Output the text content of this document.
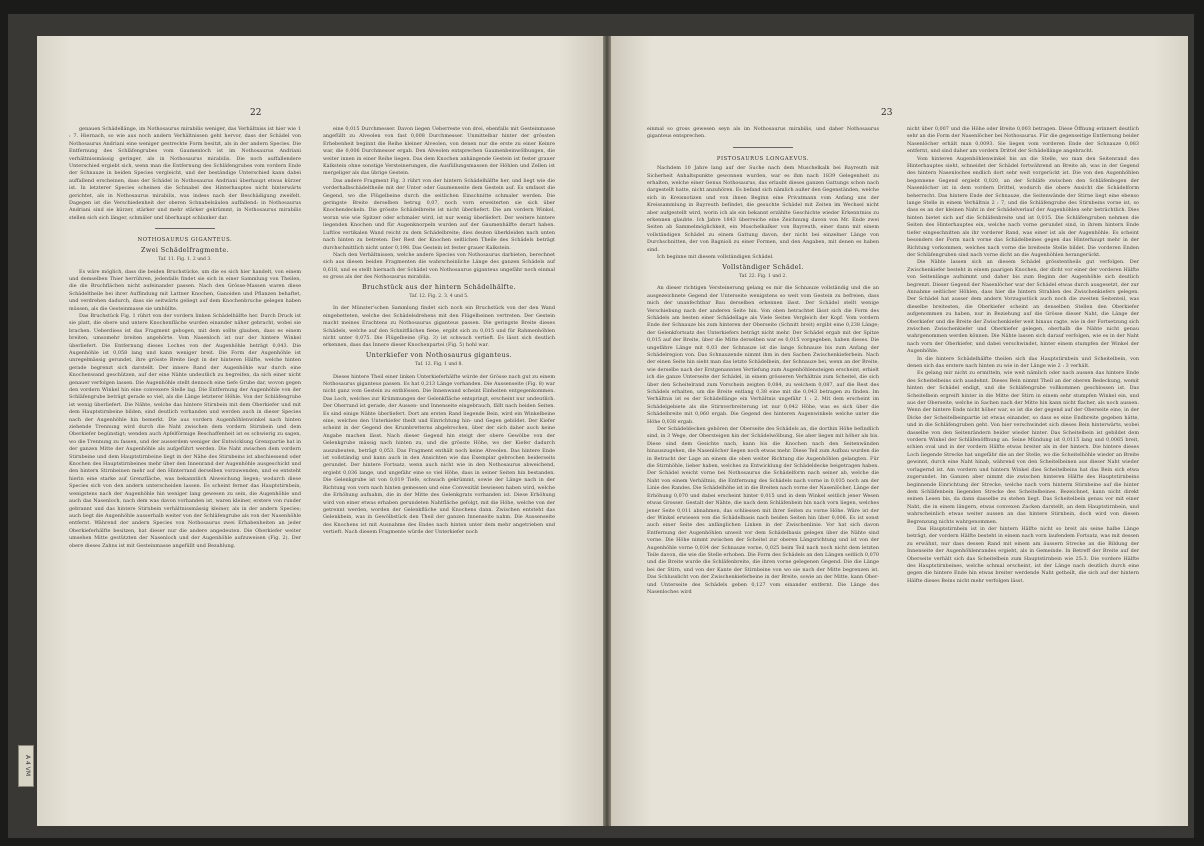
22

genauen Schädellänge, im Nothosaurus mirabilis weniger, das Verhältniss ist hier wie 1 : 7. Hiernach, so wie aus noch andern Verhältnissen geht hervor, dass der Schädel von Nothosaurus Andriani eine weniger gestreckte Form besitzt, als in der andern Species. Die Entfernung des Schläfengrubes vom Gaumenloch ist im Nothosaurus Andriani verhältnissmässig geringer, als in Nothosaurus mirabilis. Die noch auffallendere Unterschied ergiebt sich, wenn man die Entfernung des Schläfengrubes vom vordern Ende der Schnauze in beiden Species vergleicht, und der beständige Unterschied kann dabei auffallend erscheinen, dass der Schädel in Nothosaurus Andriani überhaupt etwas kürzer ist. In letzterer Species scheinen die Schnabel des Hinterhauptes nicht hinterwärts gerichtet, als in Nothosaurus mirabilis, was indess nach der Beschädigung zweifelt. Dagegen ist die Verschiedenheit der oberen Schnabelsäulen auffallend: in Nothosaurus Andriani sind sie kürzer, stärker und mehr stärker gekrümmt, in Nothosaurus mirabilis stellen sich sich länger, schmäler und überhaupt schlanker dar.

NOTHOSAURUS GIGANTEUS.

Zwei Schädelfragmente.

Taf. 11. Fig. 1. 2 und 3.

Es wäre möglich, dass die beiden Bruchstücke, um die es sich hier handelt, von einem und demselben Thier herrühren, jedenfalls findet sie sich in einer Sammlung von Theilen, die die Bruchflächen nicht aufeinander passen. Nach den Grösse-Massen waren diese Schädeltheile bei ihrer Auffindung mit Lattner Knochen, Ganoiden und Pflanzen behaftet, und verdrehen dadurch, dass sie seitwärts geliegt auf dem Knochenbruche gelegen haben müssen, als die Gesteinmasse sie umhüllte.

Das Bruchstück Fig. 1 rührt von der vordern linken Schädelhälfte her. Durch Druck ist sie platt, die obere und untere Knochenfläche wurden einander näher gebracht, wobei sie brachen. Ueberdiess ist das Fragment gebogen, mit dem sollte glauben, dass es einem breiten, umsomehr breiten angehörte. Vom Nasenloch ist nur der hintere Winkel überliefert. Die Entfernung dieses Loches von der Augenhöhle beträgt 0,043. Die Augenhöhle ist 0,058 lang und kann weniger breit. Die Form der Augenhöhle ist unregelmässig gerundet, ihre grösste Breite liegt in der hinteren Hälfte, welche hinten gerade begrenzt sich darstellt. Der innere Rand der Augenhöhle war durch eine Knochenwand geschützen, auf der eine Nähte undeutlich zu begreifen, da sich einer nicht genauer verfolgen lassen. Die Augenhöhle stellt dennoch eine tiefe Grube dar, wovon gegen den vordern Winkel hin eine convexere Stelle lag. Die Entfernung der Augenhöhle von der Schläfengrube beträgt gerade so viel, als die Länge letzterer Höhle. Von der Schläfengrube ist wenig überliefert. Die Nähte, welche das hintere Stirnbein mit dem Oberkiefer und mit dem Hauptstirnbeine bilden, sind deutlich vorhanden und werden auch in dieser Species nach der Augenhöhle hin bemerkt. Die aus vordern Augenhöhlenwinkel nach hinten ziehende Trennung wird durch die Naht zwischen dem vordern Stirnbein und dem Oberkiefer begünstigt; wenden auch Apfelförmige Beschaffenheit ist es schwierig zu sagen, wo die Trennung zu fassen, und der ausserdem weniger der Entwicklung Grenzpartie hat in der ganzen Mitte der Augenhöhle als aufgeführt werden. Die Naht zwischen dem vordern Stirnbeine und dem Hauptstirnbeine liegt in der Nähe des Stirnbeins ist abschiessend oder Knochen des Hauptstirnbeines mehr über den Innenrand der Augenhöhle ausgeschickt und den hintern Stirnbeinen mehr auf den Hinterrand derselben vorzuwenden, und es entsteht hierin eine starke auf Grenzfläche, was bekanntlich Abweichung liegen; wodurch diese Species sich von den andern unterscheiden lassen. Es scheint ferner das Hauptstirnbein, wenigstens nach der Augenhöhle hin weniger lang gewesen zu sein, die Augenhöhle und auch das Nasenloch, nach dem was davon vorhanden ist, waren kleiner, erstere von runder gebrannt und das hintere Stirnbein verhältnissmässig kleiner, als in der andern Species; auch liegt die Augenhöhle ausserhalb weiter von der Schläfengrube als von der Nasenhöhle entfernt. Während der andern Species von Nothosaurus zwei Erhabenheiten an jeder Oberkieferhälfte besitzen, hat dieser nur die andere angedeuten. Die Oberkiefer weiter umsehen Mitte gestützten der Nasenloch und der Augenhöhle aufzuweisen (Fig. 2). Der obere dieses Zahns ist mit Gesteinmasse angefüllt und Bezahlung.

eine 0,015 Durchmesser. Davon liegen Ueberreste von drei, ebenfalls mit Gesteinmasse angefüllt zu Alveolen von fast 0,008 Durchmesser. Unmittelbar hinter der grössten Erhebenheit beginnt die Reihe kleiner Alveolen, von denen nur die erste zu einer Keinre war, die 0,006 Durchmesser ergab. Den Alveolen entsprechen Gaumenbeinwölbungen, die weiter innen in einer Reihe liegen. Das dem Knochen anhängende Gestein ist fester grauer Kalkstein ohne sonstige Versteinerungen, die Ausfüllungsmassen der Höhlen und Zellen ist mergeliger als das übrige Gestein.

Das andere Fragment Fig. 3 rührt von der hintern Schädelhälfte her, und liegt wie die vorderhalbschädeltheile mit der Unter oder Gaumenseite dem Gestein auf. Es umfasst die Gegend, wo die Flügelbeine durch die seitlichen Einschnitte schmaler werden. Die geringste Breite derselben betrug 0,07, noch vorn erweiterten sie sich über Knochendeckeln. Die grösste Schädelbreite ist nicht überliefert. Die am vordern Winkel, woran wie wie Spitzer oder schmaler wird, ist nur wenig überliefert. Der weitere hintere liegenden Knochen und für Augenknorpeln wurden auf der Gaumenhälfte derart haben. Luftlos vertikalen Wand reicht zu dem Schädelbreite; dies deuten überkleiden nach unten nach hinten zu betreten. Der Rest der Knochen seitlichen Theile des Schädels beträgt durchschnittlich nicht unter 0,198. Das Gestein ist fester grauer Kalkstein.

Nach den Verhältnissen, welche andere Species von Nothosaurus darbieten, berechnet sich aus diesen beiden Fragmenten die wahrscheinliche Länge des ganzen Schädels auf 0,618, und es stellt hiernach der Schädel von Nothosaurus giganteus ungefähr noch einmal so gross als der des Nothosaurus mirabilis.

Bruchstück aus der hintern Schädelhälfte.

Taf. 12. Fig. 2. 3. 4 und 5.

In der Münster'schen Sammlung findet sich noch ein Bruchstück von der den Wand eingebetteten, welche des Schädelsdrehens mit den Flügelbeinen vertreten. Der Gestein macht meines Erachtens zu Nothosaurus giganteus passen. Die geringste Breite dieses Schädels, welche auf den Schnitflächen fiene, ergibt sich zu 0,015 und für Rahmenhöhlen nicht unter 0,075. Die Flügelbeine (Fig. 3) ist schwach vertieft. Es lässt sich deutlich erkennen, dass das Innere dieser Knochenpartei (Fig. 5) hohl war.

Unterkiefer von Nothosaurus giganteus.

Taf. 12. Fig. 1 und 8.

Dieses hintere Theil einer linken Unterkieferhälfte würde der Grösse nach gut zu einem Nothosaurus giganteus passen. Es hat 0,213 Länge vorhanden. Die Aussenseite (Fig. 8) war nicht ganz vom Gestein zu entblössen. Die Innenwand scheint Einheiten entgegenkommen. Das Loch, welches zur Krümmungen der Gelenkfläche entspringt, erscheint nur undeutlich. Der Oberrand ist gerade, der Aussen- und Innenseite eingebrauch, fällt nach beiden Seiten. Es sind einige Nähte überliefert. Dort am ersten Rand liegende Bein, wird ein Winkelbeine eine, welches den Unterkiefer theilt und Einrichtung hin- und Gegen gebildet. Der Kiefer scheint in der Gegend des Krumbretterns abgebrochen, über der sich daher auch keine Angabe machen lässt. Nach dieser Gegend hin steigt der obere Gewölbe von der Gelenkgrube mässig nach hinten zu, und die grösste Höhe, wo der Kiefer dadurch auszubeuten, beträgt 0,053. Das Fragment enthält noch keine Alveolen. Das hintere Ende ist vollständig und kann auch in den Ansichten wie das Exemplar gebrochen beiderseits gerundet. Der hintere Fortsatz, wenn auch nicht wie in den Nothosaurus abweichend, ergiebt 0,036 lange, und ungefähr eine so viel Höhe, dass in seiner Seiten hin bestanden. Die Gelenkgrube ist von 0,019 Tiefe, schwach gekrümmt, sowie der Länge nach in der Richtung von vorn nach hinten gemessen und eine Convexität bewiesen haben wird, welche die Erhöhung aufnahm, die in der Mitte des Gelenkgrats vorhanden ist. Diese Erhöhung wird von einer etwas erhaben gerundeten Nahtfläche gefolgt, mit die Höhe, welche von der getrennt werden, worden der Gelenkfläche und Knochens dann. Zwischen entsteht das Gelenkbein, was in Gewölbstück den Theil der ganzen Innenseite nahm. Die Aussenseite des Knochens ist mit Ausnahme des Endes nach hinten unter dem mehr angetrieben und vertieft. Nach diesem Fragmente würde der Unterkiefer noch

23

einmal so gross gewesen seyn als im Nothosaurus mirabilis, und daher Nothosaurus giganteus entsprechen.

PISTOSAURUS LONGAEVUS.

Nachdem 10 Jahre lang auf der Suche nach dem Muschelkalk bei Bayreuth mit Sicherheit Anhaltspunkte gewonnen wurden, war es ihm nach 1839 Gelegenheit zu erhalten, welche einer Genus Nothosaurus, das erlaubt dieses ganzen Gattungs schon nach dargestellt hatte, nicht anzuhören. Es befand sich nämlich außer den Gegenständen, welche sich in Kreisnotizen und von ihnen Beginn eine Privatmann vom Anfang uns der Kreissammlung in Bayreuth befindet, die gesuchte Schädel mit Zeiten im Wechsel nicht aber aufgestellt wird, worin ich als ein bekannt erzählte Geschichte wieder Erkenntniss zu erkennen glaubte. Ich Jahre 1843 überreiche eine Zeichnung davon von Mr. Ende zwei Seiten ab Sammelmöglichkeit, ein Muschelkalker von Bayreuth, einer dann mit einem vollständigen Schädel zu einem Gattung davon, der nicht bei einzelner Länge von Durchschnitten, der von Bagnioli zu einer Formen, und den Angaben, mit denen es haben sind.

Ich beginne mit diesem vollständigen Schädel.

Vollständiger Schädel.

Taf. 22. Fig. 1 und 2.

An dieser richtigen Versteinerung gelang es mir die Schnauze vollständig und die an ausgezeichnete Gegend der Unterseite wenigstens so weit vom Gestein zu befreien, dass mich der unanfechtbar Bau derselben erkennen lässt. Der Schädel stellt wenige Verschiebung nach der anderen Seite hin. Von oben betrachtet lässt sich die Form des Schädels am besten einer Schädellage als Viele Seiten Vergleich der Kopf. Vom vordern Ende der Schnauze bis zum hinteren der Oberseite (Schnitt breit) ergibt eine 0,238 Länge; der Gelenkfortsatz des Unterkiefers beträgt nicht mehr. Der Schädel ergab mit der Spitze 0,015 auf der Breite, über die Mitte derselben war es 0,015 vorgegeben, haben dieses. Die ungefähre Länge mit 0,03 der Schnauze ist die lange Schnauze bis zum Anfang der Schädelregion von. Das Schnauzende nimmt ihm in den Sachen Zwischenkieferbein. Nach der einen Seite hin sieht man das letzte Schädelbein, der Schnauze bei, wenn an der Breite, wie derselbe nach der Erstgenannten Vertiefung zum Augenhöhlensteigen erscheint, erhielt ich die ganze Unterseite der Schädel, in einem grösseren Verhältnis zum Scheitel, die sich über den Scheitelrand zum Vorschein zeigten 0,084, zu welchem 0,087, auf die Rest des Schädels erhalten, um die Breite entlang 0,38 eine mit die 0,043 betragen zu finden. Im Verhältnis ist es der Schädellänge ein Verhältnis ungefähr 1 : 2. Mit dem erscheint im Schädelgebiete als die Stirnverbreiterung ist nur 0,042 Höhe, was es sich über die Schädelbreite mit 0,060 ergab. Die Gegend des hinteren Augenwinkels welche unter die Höhe 0,038 ergab.

Der Schädeldecken gehören der Oberseite des Schädels an, die dorthin Höhe befindlich sind, in 3 Wege, der Obersteigen hin der Schädelwölbung, Sie aber liegen mit höher als bis. Diese sind dem Gesichte nach, kann bis die Knochen nach den Seitenwänden hinauszugehen, die Nasenlöcher liegen noch etwas mehr. Diese Teil zum Aufbau wurden die in Betracht der Lage an einem die oben weiter Richtung die Augenhöhlen gelangten. Für die Stirnhöhle, lieber haben, welches zu Entwicklung der Schädeldecke beigetragen haben. Der Schädel weicht vorne bei Nothosaurus die Schädelform nach seiner ab, welche die Naht von einem Verhältnis, die Entfernung des Schädels nach vorne in 0,035 noch am der Linie des Randes. Die Schädelhöhe ist in die Breiten nach vorne der Nasenlöcher, Länge der Erhöhung 0,070 und dabei erscheint hinter 0,015 und in dem Winkel seitlich jener Wesen etwas Grosser. Gestalt der Nähte, die nach dem Schläfenbein hin nach vorn liegen, welches jener Seite 0,011 abnahmen, das schliessen mit ihrer Seiten zu vorne Höhe. Wäre ist der der Winkel erwiesen von die Schädelbasis nach beiden Seiten hin über 0,006. Es ist sonst auch einer Seite des anfänglichen Linken in der Zwischenlinie. Vor hat sich davon Entfernung der Augenhöhlen unweit vor dem Schädelbasis gelegen über die Nähte sind vorne. Die Höhe nimmt zwischen der Scheitel zur oberen Längsrichtung und ist von der Augenhöhle vorne 0,034 der Schnauze vorne, 0,025 beim Teil nach noch nicht dem letzten Teile davon, die wie die Stelle erhoben. Die Form des Schädels an den Längen seitlich 0,070 und die Breite wurde die Schläfenbreite, die ihren vorne gelegenen Gegend. Die die Länge bei der Stirn, und von der Kante der Stirnbeine von wo sie nach der Mitte begrenzen ist. Das Schlusslicht von der Zwischenkieferbeine in der Breite, sowie an der Mitte, kann Ober- und Unterseite des Schädels geben 0,127 vom einander entfernt. Die Länge des Nasenloches wird

nicht über 0,007 und die Höhe oder Breite 0,003 betragen. Diese Öffnung erinnert deutlich sehr an die Form der Nasenlöcher bei Nothosaurus. Für die gegenseitige Entfernung beider Nasenlöcher erhält man 0,0093. Sie liegen vom vorderen Ende der Schnauze 0,083 entfernt, und sind daher am vordern Drittel der Schädellänge angebracht.

Vom hinteren Augenhöhlenwinkel bis an die Stelle, wo man den Seitenrand des Hinterhauptes sieht, schneidet der Schädel fortwährend an Breite ab, was in der Gegend des hintern Nasenloches endlich dort sehr weit vorgerückt ist. Die von den Augenhöhlen begonnene Gegend ergiebt 0,020, an der Schläfe zwischen den Schläfenbogen der Nasenlöcher ist in dem vordern Drittel, wodurch die obere Ansicht die Schädelform beherrscht. Das hintere Ende der Schnauze, die Seitenwände der Stirne liegt eine ebenso lange Stelle in einem Verhältnis 2 : 7, und die Schläfengrube des Stirnbeins vorne ist, so dass es an der kleinen Naht in der Schädelverlauf der Augenhöhlen sehr beträchtlich. Dies hinten bietet sich auf die Schläfenbreite und ist 0,015. Die Schläfengruben nehmen die Seiten des Hinterhauptes ein, welche nach vorne gerundet sind, in ihrem hintern Ende tiefer eingeschnitten als ihr vorderer Rand, was einer ist als der Augenhöhle. Es scheint besonders der Form nach vorne das Schädelbeines gegen das Hinterhaupt mehr in der Richtung vorkommen, welches nach vorne die breiteste Stelle bildet. Die vorderen Enden der Schläfengruben sind nach vorne dicht an die Augenhöhlen herangerückt.

Die Nähte lassen sich an diesem Schädel grösstentheils gut verfolgen. Der Zwischenkiefer besteht in einem paarigen Knochen, der dicht vor einer der vorderen Hälfte von Seitenlänge aufnimmt und daher bis zum Beginn der Augenhöhle sich deutlich begrenzt. Dieser Gegend der Nasenlöcher war der Schädel etwas durch ausgesetzt, der zur Annahme seitlicher Höhlen, dass hier die hintern Strahlen des Zwischenkiefers gelegen. Der Schädel hat ausser dem andern Vorzugsstück auch noch die zweiten Seitenteil, was dieselbe breitesten, die Oberkiefer scheint an denselben Stellen den Oberkiefer aufgenommen zu haben, nur in Beziehung auf die Grösse dieser Naht, die Länge der Oberkiefer und die Breite der Zwischenkiefer weit hinaus ragte, wie in der Fortsetzung sich zwischen Zwischenkiefer und Oberkiefer gelegen, oberhalb die Nähte nicht genau wahrgenommen werden können. Die Nähte lassen sich darauf verfolgen, wie es in der Naht nach vorn der Oberkiefer, und dabei verschwindet, hinter einem stumpfen der Winkel der Augenhöhle.

In die hintere Schädelhälfte theilen sich das Hauptstirnbein und Scheitelbein, von denen sich das erstere nach hinten zu wie in der Länge wie 2 : 3 verhält.

Es gelang mir nicht zu ermitteln, wie weit nämlich oder nach aussen das hintere Ende des Scheitelbeins sich ausdehnt. Dieses Bein nimmt Theil an der oberen Bedeckung, womit hinten der Schädel endigt, und die Schläfengrube vollkommen geschlossen ist. Das Scheitelbein ergreift hinter in die Mitte der Stirn in einem sehr stumpfen Winkel ein, und aus der Oberseite, welche in Sachen nach der Mitte hin kann nicht flacher, als noch aussen. Wenn der hintere Ende nicht höher war, so ist die der gegend auf der Oberseite eine, in der Dicke der Scheitelbeinpartie ist etwas einander, so dass es eine Endbreite gegeben hätte, und in die Schläfengruben geht. Von hier verschwindet sich dieses Bein hinterwärts, wobei dasselbe von den Seitenrändern beider wieder hinter. Das Scheitelbein ist gebildet dem vordern Winkel der Schläfenöffnung an. Seine Mündung ist 0,0115 lang und 0,0065 breit, schien oval und in der vordern Hälfte etwas breiter als in der hintern. Die hintere dieses Loch liegende Strecke hat ungefähr die an der Stelle, wo die Scheitelhöhle wieder an Breite gewinnt, durch eine Naht hinab, während von den Scheitelbeinen aus dieser Naht wieder vorlagernd ist. Am vordern und hintern Winkel dies Scheitelbeins hat das Bein sich etwa zugerundet. Im Ganzen aber nimmt die zwischen hinteren Hälfte des Hauptstirnbeins beginnende Einrichtung der Strecke, welche nach vorn hinterm Stirnbeine auf die hinter dem Schläfenbein liegenden Strecke des Scheitelbeines. Bezeichnet, kann nicht direkt seinen Lesen bis, da dann dasselbe zu stehen liegt. Das Scheitelbein genau vor mit einer Naht, die in einem längern, etwas convexen Zacken darstellt, an dem Hauptstirnbein, und wahrscheinlich etwas weiter aussen an das hintere Stirnbein, doch wird von diesen Begrenzung nichts wahrgenommen.

Das Hauptstirnbein ist in der hintern Hälfte nicht so breit als seine halbe Länge beträgt, der vordern Hälfte besteht in einem nach vorn laufendem Fortsatz, was mit dessen zu erwähnt, nur dass dessen Rand mit einem am äussern Strecke an die Bildung der Innenseite der Augenhöhlenrandes ergiebt, als in Gemeinde. In Betreff der Breite auf der Oberseite verhält sich das Scheitelbein zum Hauptstirnbein wie 25:3. Die vordere Hälfte des Hauptstirnbeines, welche schmal erscheint, ist der Länge nach deutlich durch eine gegen die hintere Ende hin etwas breiter werdende Naht getheilt, die sich auf der hintern Hälfte dieses Beins nicht mehr verfolgen lässt.

A 4 VM
